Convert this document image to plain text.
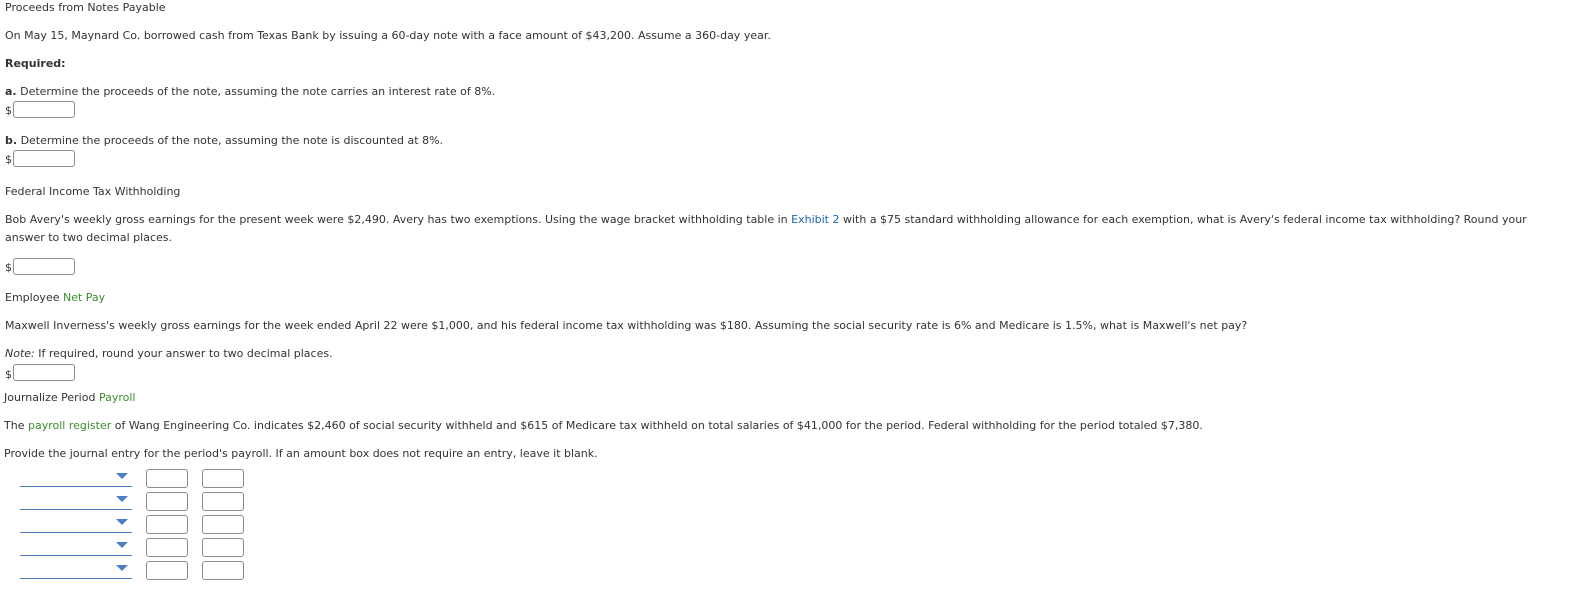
Proceeds from Notes Payable
On May 15, Maynard Co. borrowed cash from Texas Bank by issuing a 60-day note with a face amount of $43,200. Assume a 360-day year.
Required:
a. Determine the proceeds of the note, assuming the note carries an interest rate of 8%.
$
b. Determine the proceeds of the note, assuming the note is discounted at 8%.
$
Federal Income Tax Withholding
Bob Avery's weekly gross earnings for the present week were $2,490. Avery has two exemptions. Using the wage bracket withholding table in Exhibit 2 with a $75 standard withholding allowance for each exemption, what is Avery's federal income tax withholding? Round your answer to two decimal places.
$
Employee Net Pay
Maxwell Inverness's weekly gross earnings for the week ended April 22 were $1,000, and his federal income tax withholding was $180. Assuming the social security rate is 6% and Medicare is 1.5%, what is Maxwell's net pay?
Note: If required, round your answer to two decimal places.
$
Journalize Period Payroll
The payroll register of Wang Engineering Co. indicates $2,460 of social security withheld and $615 of Medicare tax withheld on total salaries of $41,000 for the period. Federal withholding for the period totaled $7,380.
Provide the journal entry for the period's payroll. If an amount box does not require an entry, leave it blank.
